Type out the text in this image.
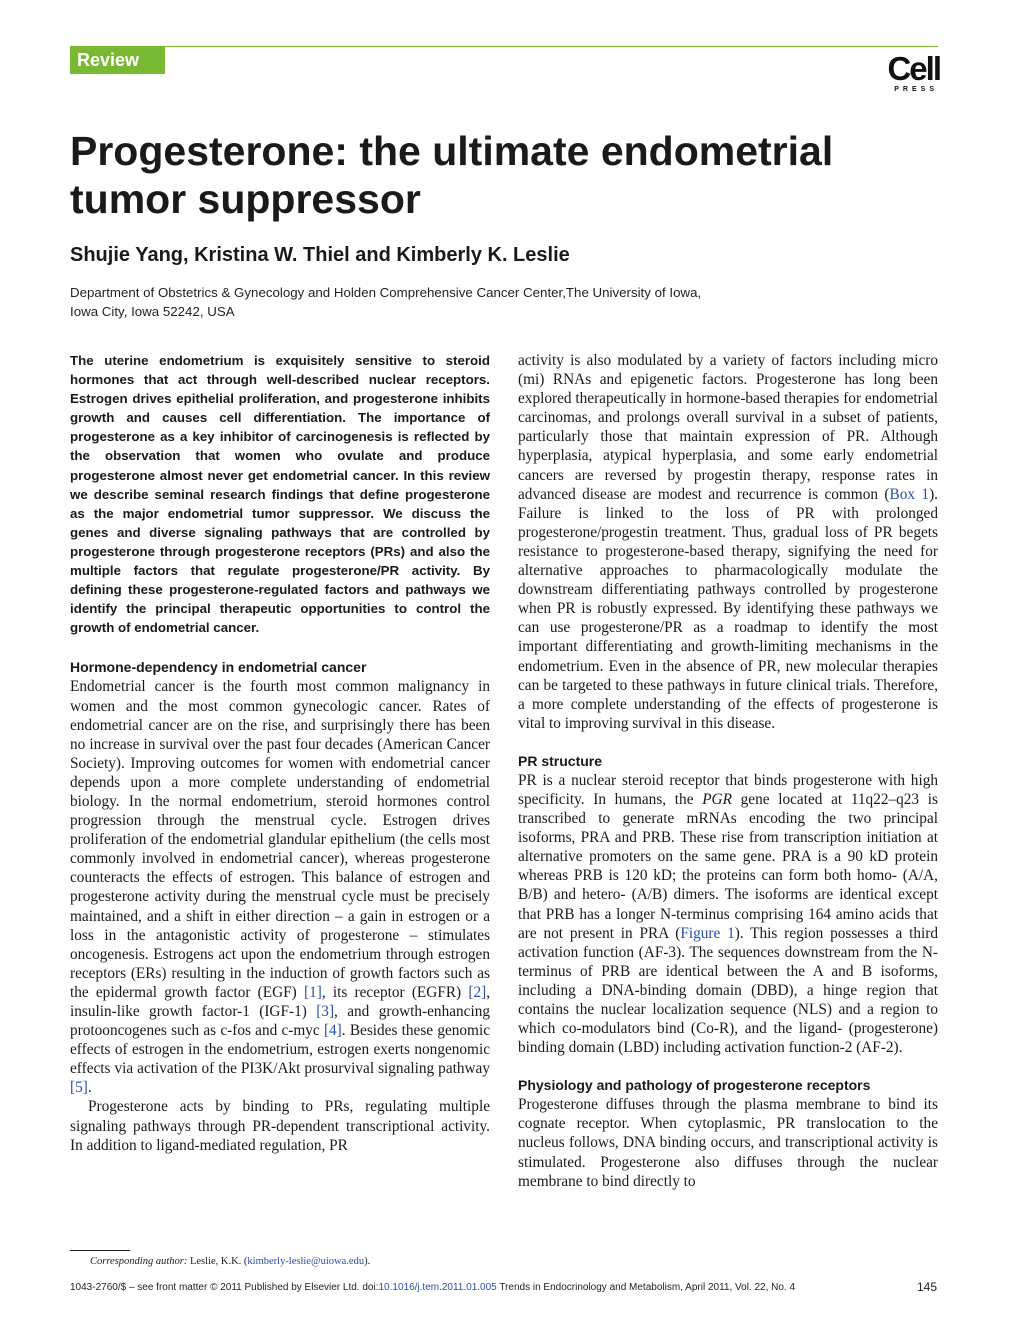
Review	Cell
PRESS
Progesterone: the ultimate endometrial tumor suppressor
Shujie Yang, Kristina W. Thiel and Kimberly K. Leslie
Department of Obstetrics & Gynecology and Holden Comprehensive Cancer Center,The University of Iowa,
Iowa City, Iowa 52242, USA

The uterine endometrium is exquisitely sensitive to steroid hormones that act through well-described nuclear receptors. Estrogen drives epithelial proliferation, and progesterone inhibits growth and causes cell differentiation. The importance of progesterone as a key inhibitor of carcinogenesis is reflected by the observation that women who ovulate and produce progesterone almost never get endometrial cancer. In this review we describe seminal research findings that define progesterone as the major endometrial tumor suppressor. We discuss the genes and diverse signaling pathways that are controlled by progesterone through progesterone receptors (PRs) and also the multiple factors that regulate progesterone/PR activity. By defining these progesterone-regulated factors and pathways we identify the principal therapeutic opportunities to control the growth of endometrial cancer.

Hormone-dependency in endometrial cancer

Endometrial cancer is the fourth most common malignancy in women and the most common gynecologic cancer. Rates of endometrial cancer are on the rise, and surprisingly there has been no increase in survival over the past four decades (American Cancer Society). Improving outcomes for women with endometrial cancer depends upon a more complete understanding of endometrial biology. In the normal endometrium, steroid hormones control progression through the menstrual cycle. Estrogen drives proliferation of the endometrial glandular epithelium (the cells most commonly involved in endometrial cancer), whereas progesterone counteracts the effects of estrogen. This balance of estrogen and progesterone activity during the menstrual cycle must be precisely maintained, and a shift in either direction – a gain in estrogen or a loss in the antagonistic activity of progesterone – stimulates oncogenesis. Estrogens act upon the endometrium through estrogen receptors (ERs) resulting in the induction of growth factors such as the epidermal growth factor (EGF) [1], its receptor (EGFR) [2], insulin-like growth factor-1 (IGF-1) [3], and growth-enhancing protooncogenes such as c-fos and c-myc [4]. Besides these genomic effects of estrogen in the endometrium, estrogen exerts nongenomic effects via activation of the PI3K/Akt prosurvival signaling pathway [5].

Progesterone acts by binding to PRs, regulating multiple signaling pathways through PR-dependent transcriptional activity. In addition to ligand-mediated regulation, PR

activity is also modulated by a variety of factors including micro (mi) RNAs and epigenetic factors. Progesterone has long been explored therapeutically in hormone-based therapies for endometrial carcinomas, and prolongs overall survival in a subset of patients, particularly those that maintain expression of PR. Although hyperplasia, atypical hyperplasia, and some early endometrial cancers are reversed by progestin therapy, response rates in advanced disease are modest and recurrence is common (Box 1). Failure is linked to the loss of PR with prolonged progesterone/progestin treatment. Thus, gradual loss of PR begets resistance to progesterone-based therapy, signifying the need for alternative approaches to pharmacologically modulate the downstream differentiating pathways controlled by progesterone when PR is robustly expressed. By identifying these pathways we can use progesterone/PR as a roadmap to identify the most important differentiating and growth-limiting mechanisms in the endometrium. Even in the absence of PR, new molecular therapies can be targeted to these pathways in future clinical trials. Therefore, a more complete understanding of the effects of progesterone is vital to improving survival in this disease.

PR structure

PR is a nuclear steroid receptor that binds progesterone with high specificity. In humans, the PGR gene located at 11q22–q23 is transcribed to generate mRNAs encoding the two principal isoforms, PRA and PRB. These rise from transcription initiation at alternative promoters on the same gene. PRA is a 90 kD protein whereas PRB is 120 kD; the proteins can form both homo- (A/A, B/B) and hetero- (A/B) dimers. The isoforms are identical except that PRB has a longer N-terminus comprising 164 amino acids that are not present in PRA (Figure 1). This region possesses a third activation function (AF-3). The sequences downstream from the N-terminus of PRB are identical between the A and B isoforms, including a DNA-binding domain (DBD), a hinge region that contains the nuclear localization sequence (NLS) and a region to which co-modulators bind (Co-R), and the ligand- (progesterone) binding domain (LBD) including activation function-2 (AF-2).

Physiology and pathology of progesterone receptors

Progesterone diffuses through the plasma membrane to bind its cognate receptor. When cytoplasmic, PR translocation to the nucleus follows, DNA binding occurs, and transcriptional activity is stimulated. Progesterone also diffuses through the nuclear membrane to bind directly to

Corresponding author: Leslie, K.K. (kimberly-leslie@uiowa.edu).
1043-2760/$ – see front matter © 2011 Published by Elsevier Ltd. doi:10.1016/j.tem.2011.01.005 Trends in Endocrinology and Metabolism, April 2011, Vol. 22, No. 4	145
